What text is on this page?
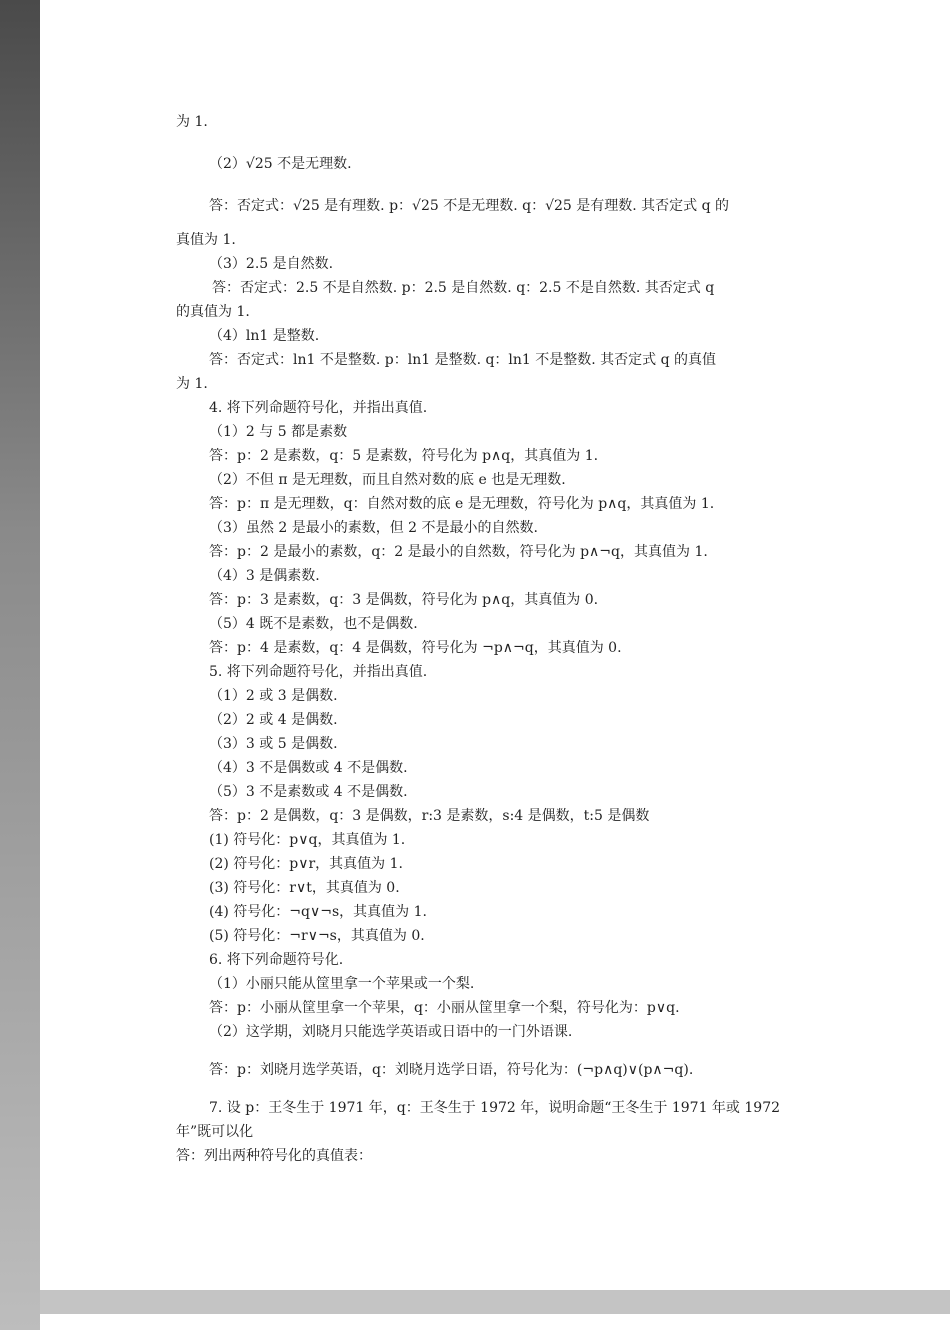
为 1.
（2）√25 不是无理数.
答：否定式：√25 是有理数. p：√25 不是无理数. q：√25 是有理数. 其否定式 q 的
真值为 1.
（3）2.5 是自然数.
答：否定式：2.5 不是自然数. p：2.5 是自然数. q：2.5 不是自然数. 其否定式 q
的真值为 1.
（4）ln1 是整数.
答：否定式：ln1 不是整数. p：ln1 是整数. q：ln1 不是整数. 其否定式 q 的真值
为 1.
4. 将下列命题符号化，并指出真值.
（1）2 与 5 都是素数
答：p：2 是素数，q：5 是素数，符号化为 p∧q，其真值为 1.
（2）不但 π 是无理数，而且自然对数的底 e 也是无理数.
答：p：π 是无理数，q：自然对数的底 e 是无理数，符号化为 p∧q，其真值为 1.
（3）虽然 2 是最小的素数，但 2 不是最小的自然数.
答：p：2 是最小的素数，q：2 是最小的自然数，符号化为 p∧¬q，其真值为 1.
（4）3 是偶素数.
答：p：3 是素数，q：3 是偶数，符号化为 p∧q，其真值为 0.
（5）4 既不是素数，也不是偶数.
答：p：4 是素数，q：4 是偶数，符号化为 ¬p∧¬q，其真值为 0.
5. 将下列命题符号化，并指出真值.
（1）2 或 3 是偶数.
（2）2 或 4 是偶数.
（3）3 或 5 是偶数.
（4）3 不是偶数或 4 不是偶数.
（5）3 不是素数或 4 不是偶数.
答：p：2 是偶数，q：3 是偶数，r:3 是素数，s:4 是偶数，t:5 是偶数
(1) 符号化：p∨q，其真值为 1.
(2) 符号化：p∨r，其真值为 1.
(3) 符号化：r∨t，其真值为 0.
(4) 符号化：¬q∨¬s，其真值为 1.
(5) 符号化：¬r∨¬s，其真值为 0.
6. 将下列命题符号化.
（1）小丽只能从筐里拿一个苹果或一个梨.
答：p：小丽从筐里拿一个苹果，q：小丽从筐里拿一个梨，符号化为：p∨q.
（2）这学期，刘晓月只能选学英语或日语中的一门外语课.
答：p：刘晓月选学英语，q：刘晓月选学日语，符号化为：(¬p∧q)∨(p∧¬q).
7. 设 p：王冬生于 1971 年，q：王冬生于 1972 年，说明命题“王冬生于 1971 年或 1972
年”既可以化
答：列出两种符号化的真值表：
